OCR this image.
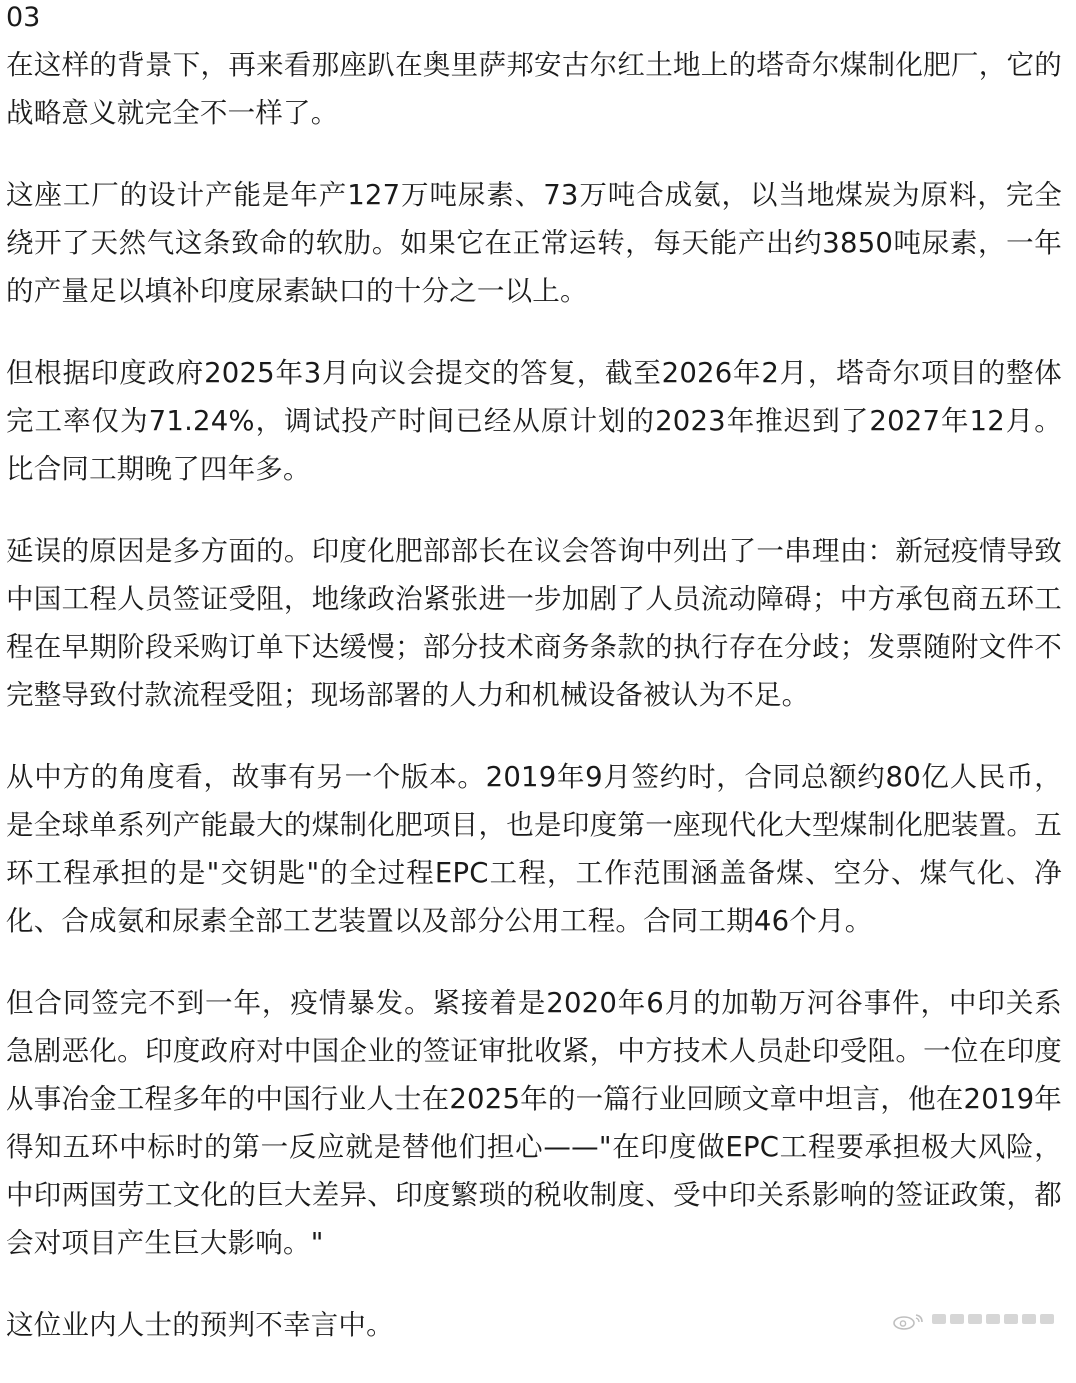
03

在这样的背景下，再来看那座趴在奥里萨邦安古尔红土地上的塔奇尔煤制化肥厂，它的战略意义就完全不一样了。

这座工厂的设计产能是年产127万吨尿素、73万吨合成氨，以当地煤炭为原料，完全绕开了天然气这条致命的软肋。如果它在正常运转，每天能产出约3850吨尿素，一年的产量足以填补印度尿素缺口的十分之一以上。

但根据印度政府2025年3月向议会提交的答复，截至2026年2月，塔奇尔项目的整体完工率仅为71.24%，调试投产时间已经从原计划的2023年推迟到了2027年12月。比合同工期晚了四年多。

延误的原因是多方面的。印度化肥部部长在议会答询中列出了一串理由：新冠疫情导致中国工程人员签证受阻，地缘政治紧张进一步加剧了人员流动障碍；中方承包商五环工程在早期阶段采购订单下达缓慢；部分技术商务条款的执行存在分歧；发票随附文件不完整导致付款流程受阻；现场部署的人力和机械设备被认为不足。

从中方的角度看，故事有另一个版本。2019年9月签约时，合同总额约80亿人民币，是全球单系列产能最大的煤制化肥项目，也是印度第一座现代化大型煤制化肥装置。五环工程承担的是"交钥匙"的全过程EPC工程，工作范围涵盖备煤、空分、煤气化、净化、合成氨和尿素全部工艺装置以及部分公用工程。合同工期46个月。

但合同签完不到一年，疫情暴发。紧接着是2020年6月的加勒万河谷事件，中印关系急剧恶化。印度政府对中国企业的签证审批收紧，中方技术人员赴印受阻。一位在印度从事冶金工程多年的中国行业人士在2025年的一篇行业回顾文章中坦言，他在2019年得知五环中标时的第一反应就是替他们担心——"在印度做EPC工程要承担极大风险，中印两国劳工文化的巨大差异、印度繁琐的税收制度、受中印关系影响的签证政策，都会对项目产生巨大影响。"

这位业内人士的预判不幸言中。
